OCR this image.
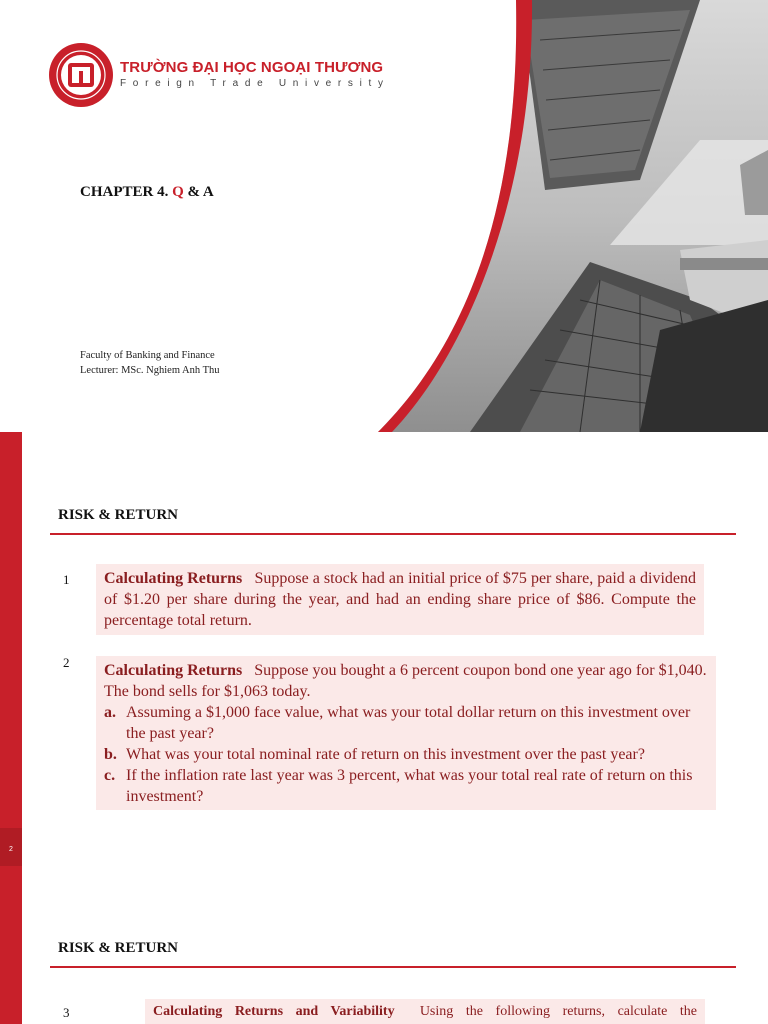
TRƯỜNG ĐẠI HỌC NGOẠI THƯƠNG
Foreign Trade University
CHAPTER 4. Q & A
Faculty of Banking and Finance
Lecturer: MSc. Nghiem Anh Thu
2
RISK & RETURN
1 Calculating Returns Suppose a stock had an initial price of $75 per share, paid a dividend of $1.20 per share during the year, and had an ending share price of $86. Compute the percentage total return.

2 Calculating Returns Suppose you bought a 6 percent coupon bond one year ago for $1,040. The bond sells for $1,063 today.

a. Assuming a $1,000 face value, what was your total dollar return on this investment over the past year?
b. What was your total nominal rate of return on this investment over the past year?
c. If the inflation rate last year was 3 percent, what was your total real rate of return on this investment?
RISK & RETURN
3	Calculating Returns and Variability Using the following returns, calculate the
